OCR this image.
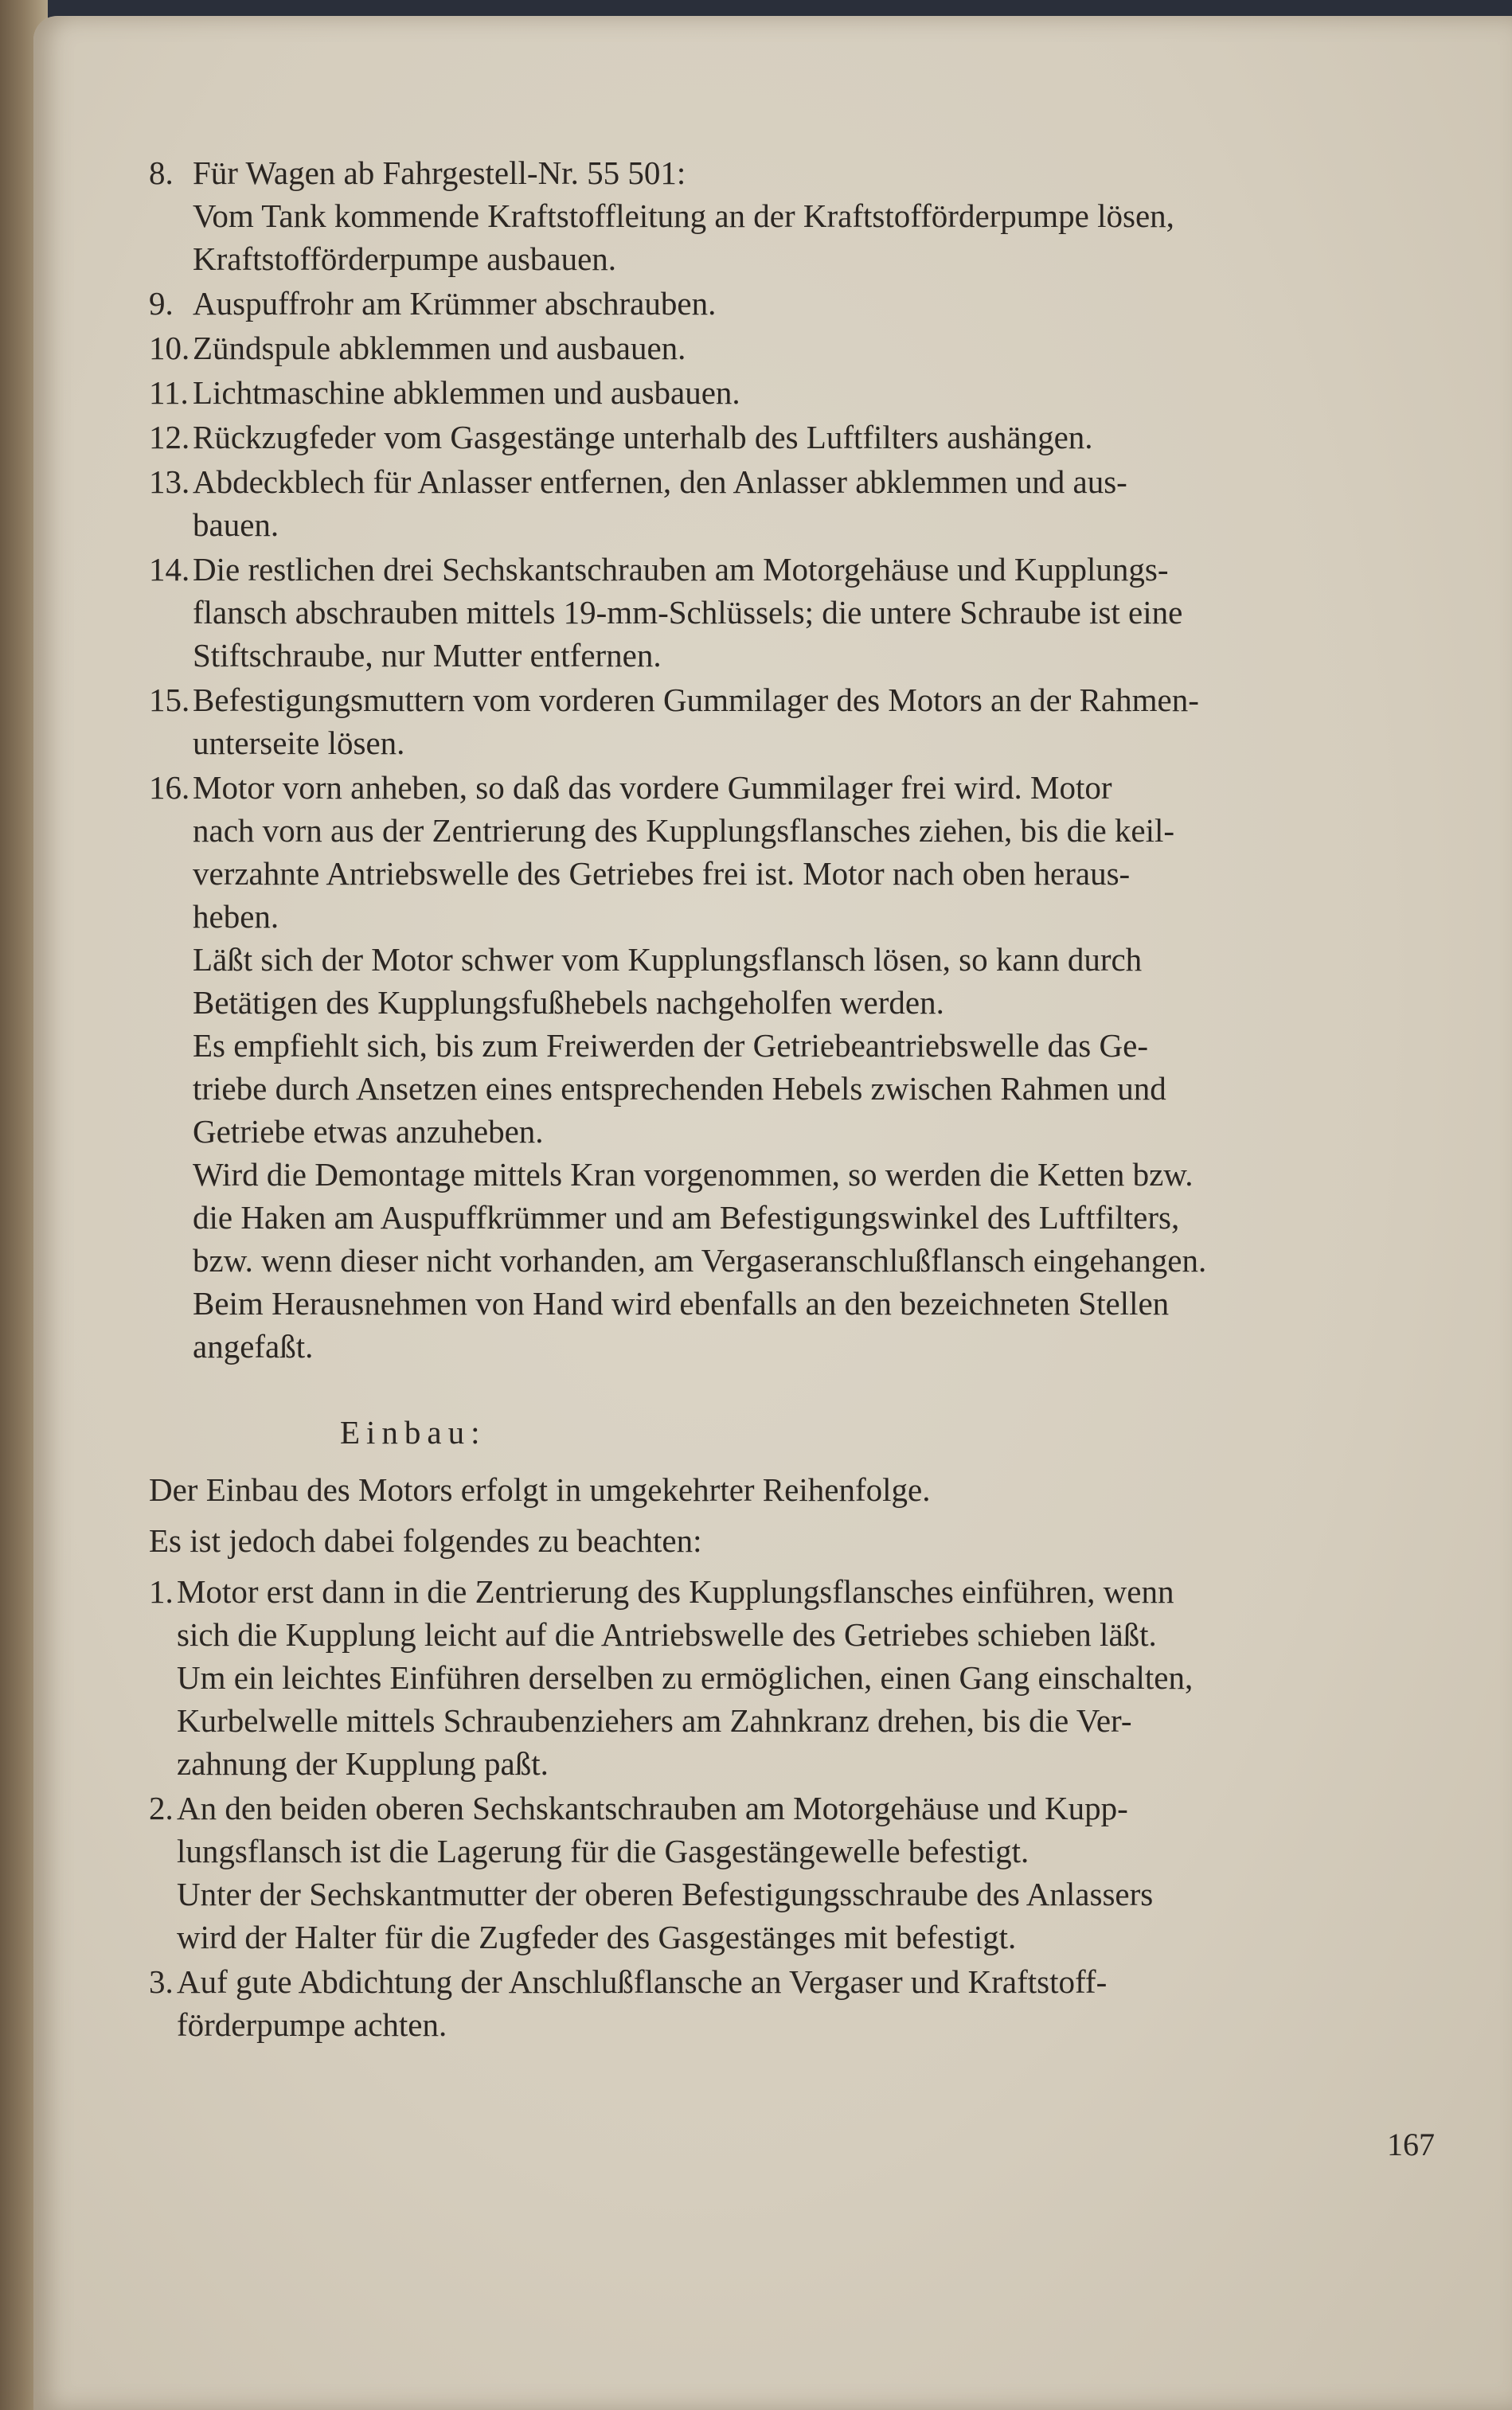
8. Für Wagen ab Fahrgestell-Nr. 55 501:
Vom Tank kommende Kraftstoffleitung an der Kraftstofförderpumpe lösen,
Kraftstofförderpumpe ausbauen.
9. Auspuffrohr am Krümmer abschrauben.
10. Zündspule abklemmen und ausbauen.
11. Lichtmaschine abklemmen und ausbauen.
12. Rückzugfeder vom Gasgestänge unterhalb des Luftfilters aushängen.
13. Abdeckblech für Anlasser entfernen, den Anlasser abklemmen und aus-
bauen.
14. Die restlichen drei Sechskantschrauben am Motorgehäuse und Kupplungs-
flansch abschrauben mittels 19-mm-Schlüssels; die untere Schraube ist eine
Stiftschraube, nur Mutter entfernen.
15. Befestigungsmuttern vom vorderen Gummilager des Motors an der Rahmen-
unterseite lösen.
16. Motor vorn anheben, so daß das vordere Gummilager frei wird. Motor
nach vorn aus der Zentrierung des Kupplungsflansches ziehen, bis die keil-
verzahnte Antriebswelle des Getriebes frei ist. Motor nach oben heraus-
heben.
Läßt sich der Motor schwer vom Kupplungsflansch lösen, so kann durch
Betätigen des Kupplungsfußhebels nachgeholfen werden.
Es empfiehlt sich, bis zum Freiwerden der Getriebeantriebswelle das Ge-
triebe durch Ansetzen eines entsprechenden Hebels zwischen Rahmen und
Getriebe etwas anzuheben.
Wird die Demontage mittels Kran vorgenommen, so werden die Ketten bzw.
die Haken am Auspuffkrümmer und am Befestigungswinkel des Luftfilters,
bzw. wenn dieser nicht vorhanden, am Vergaseranschlußflansch eingehangen.
Beim Herausnehmen von Hand wird ebenfalls an den bezeichneten Stellen
angefaßt.
Einbau:
Der Einbau des Motors erfolgt in umgekehrter Reihenfolge.
Es ist jedoch dabei folgendes zu beachten:
1. Motor erst dann in die Zentrierung des Kupplungsflansches einführen, wenn
sich die Kupplung leicht auf die Antriebswelle des Getriebes schieben läßt.
Um ein leichtes Einführen derselben zu ermöglichen, einen Gang einschalten,
Kurbelwelle mittels Schraubenziehers am Zahnkranz drehen, bis die Ver-
zahnung der Kupplung paßt.
2. An den beiden oberen Sechskantschrauben am Motorgehäuse und Kupp-
lungsflansch ist die Lagerung für die Gasgestängewelle befestigt.
Unter der Sechskantmutter der oberen Befestigungsschraube des Anlassers
wird der Halter für die Zugfeder des Gasgestänges mit befestigt.
3. Auf gute Abdichtung der Anschlußflansche an Vergaser und Kraftstoff-
förderpumpe achten.
167
